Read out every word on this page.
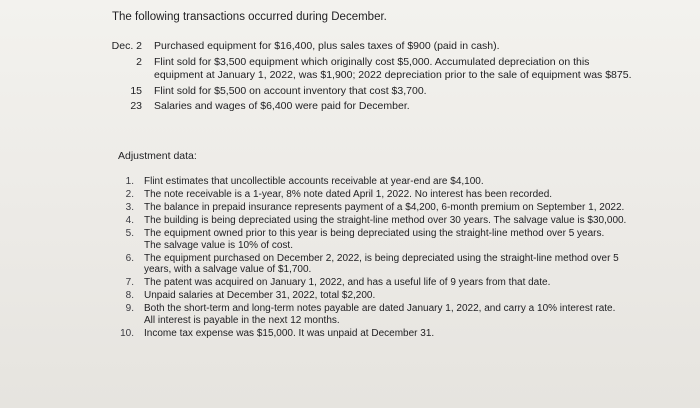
The following transactions occurred during December.
Dec. 2	Purchased equipment for $16,400, plus sales taxes of $900 (paid in cash).
2	Flint sold for $3,500 equipment which originally cost $5,000. Accumulated depreciation on this
equipment at January 1, 2022, was $1,900; 2022 depreciation prior to the sale of equipment was $875.
15	Flint sold for $5,500 on account inventory that cost $3,700.
23	Salaries and wages of $6,400 were paid for December.
Adjustment data:
1.	Flint estimates that uncollectible accounts receivable at year-end are $4,100.
2.	The note receivable is a 1-year, 8% note dated April 1, 2022. No interest has been recorded.
3.	The balance in prepaid insurance represents payment of a $4,200, 6-month premium on September 1, 2022.
4.	The building is being depreciated using the straight-line method over 30 years. The salvage value is $30,000.
5.	The equipment owned prior to this year is being depreciated using the straight-line method over 5 years.
The salvage value is 10% of cost.
6.	The equipment purchased on December 2, 2022, is being depreciated using the straight-line method over 5
years, with a salvage value of $1,700.
7.	The patent was acquired on January 1, 2022, and has a useful life of 9 years from that date.
8.	Unpaid salaries at December 31, 2022, total $2,200.
9.	Both the short-term and long-term notes payable are dated January 1, 2022, and carry a 10% interest rate.
All interest is payable in the next 12 months.
10.	Income tax expense was $15,000. It was unpaid at December 31.
